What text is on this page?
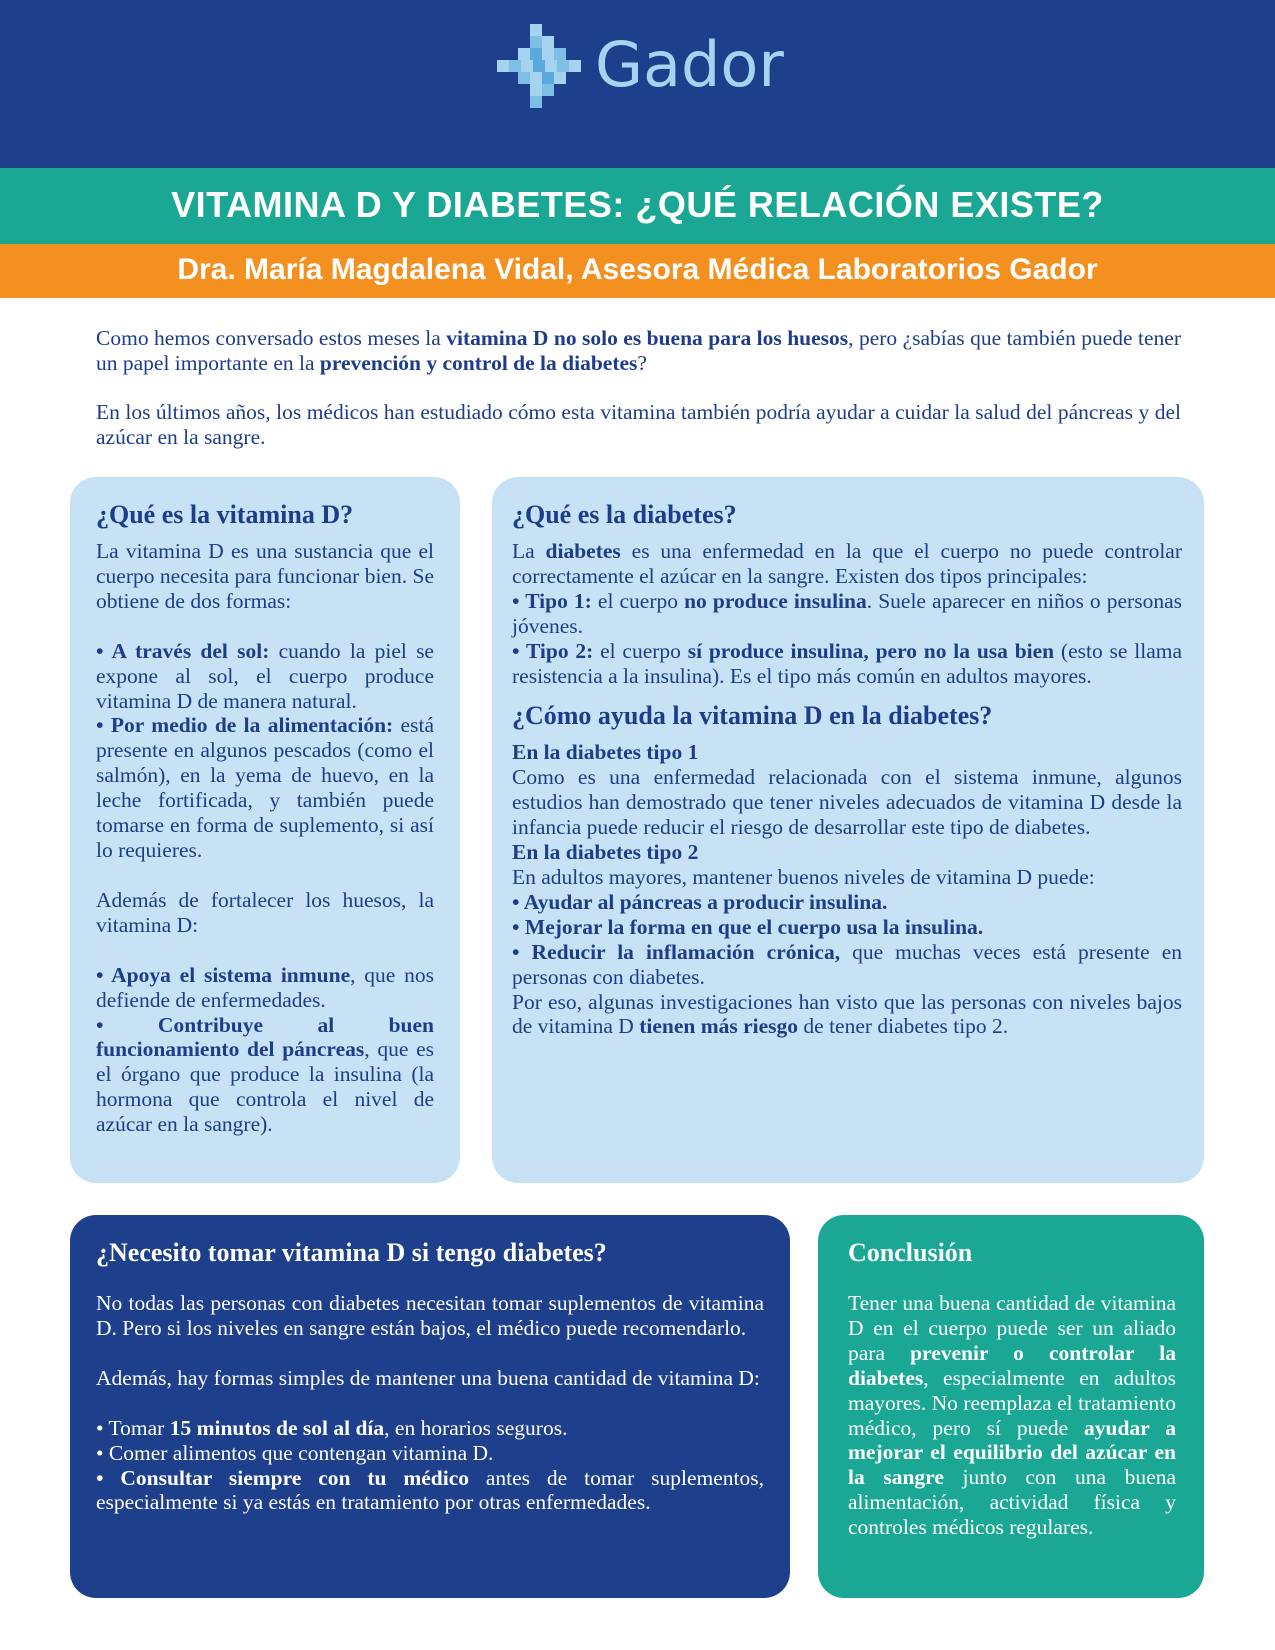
Gador
VITAMINA D Y DIABETES: ¿QUÉ RELACIÓN EXISTE?
Dra. María Magdalena Vidal, Asesora Médica Laboratorios Gador

Como hemos conversado estos meses la vitamina D no solo es buena para los huesos, pero ¿sabías que también puede tener un papel importante en la prevención y control de la diabetes?

En los últimos años, los médicos han estudiado cómo esta vitamina también podría ayudar a cuidar la salud del páncreas y del azúcar en la sangre.

¿Qué es la vitamina D?
La vitamina D es una sustancia que el cuerpo necesita para funcionar bien. Se obtiene de dos formas:
• A través del sol: cuando la piel se expone al sol, el cuerpo produce vitamina D de manera natural.
• Por medio de la alimentación: está presente en algunos pescados (como el salmón), en la yema de huevo, en la leche fortificada, y también puede tomarse en forma de suplemento, si así lo requieres.
Además de fortalecer los huesos, la vitamina D:
• Apoya el sistema inmune, que nos defiende de enfermedades.
• Contribuye al buen funcionamiento del páncreas, que es el órgano que produce la insulina (la hormona que controla el nivel de azúcar en la sangre).
¿Qué es la diabetes?
La diabetes es una enfermedad en la que el cuerpo no puede controlar correctamente el azúcar en la sangre. Existen dos tipos principales:
• Tipo 1: el cuerpo no produce insulina. Suele aparecer en niños o personas jóvenes.
• Tipo 2: el cuerpo sí produce insulina, pero no la usa bien (esto se llama resistencia a la insulina). Es el tipo más común en adultos mayores.
¿Cómo ayuda la vitamina D en la diabetes?
En la diabetes tipo 1
Como es una enfermedad relacionada con el sistema inmune, algunos estudios han demostrado que tener niveles adecuados de vitamina D desde la infancia puede reducir el riesgo de desarrollar este tipo de diabetes.
En la diabetes tipo 2
En adultos mayores, mantener buenos niveles de vitamina D puede:
• Ayudar al páncreas a producir insulina.
• Mejorar la forma en que el cuerpo usa la insulina.
• Reducir la inflamación crónica, que muchas veces está presente en personas con diabetes.
Por eso, algunas investigaciones han visto que las personas con niveles bajos de vitamina D tienen más riesgo de tener diabetes tipo 2.
¿Necesito tomar vitamina D si tengo diabetes?
No todas las personas con diabetes necesitan tomar suplementos de vitamina D. Pero si los niveles en sangre están bajos, el médico puede recomendarlo.
Además, hay formas simples de mantener una buena cantidad de vitamina D:
• Tomar 15 minutos de sol al día, en horarios seguros.
• Comer alimentos que contengan vitamina D.
• Consultar siempre con tu médico antes de tomar suplementos, especialmente si ya estás en tratamiento por otras enfermedades.
Conclusión
Tener una buena cantidad de vitamina D en el cuerpo puede ser un aliado para prevenir o controlar la diabetes, especialmente en adultos mayores. No reemplaza el tratamiento médico, pero sí puede ayudar a mejorar el equilibrio del azúcar en la sangre junto con una buena alimentación, actividad física y controles médicos regulares.
